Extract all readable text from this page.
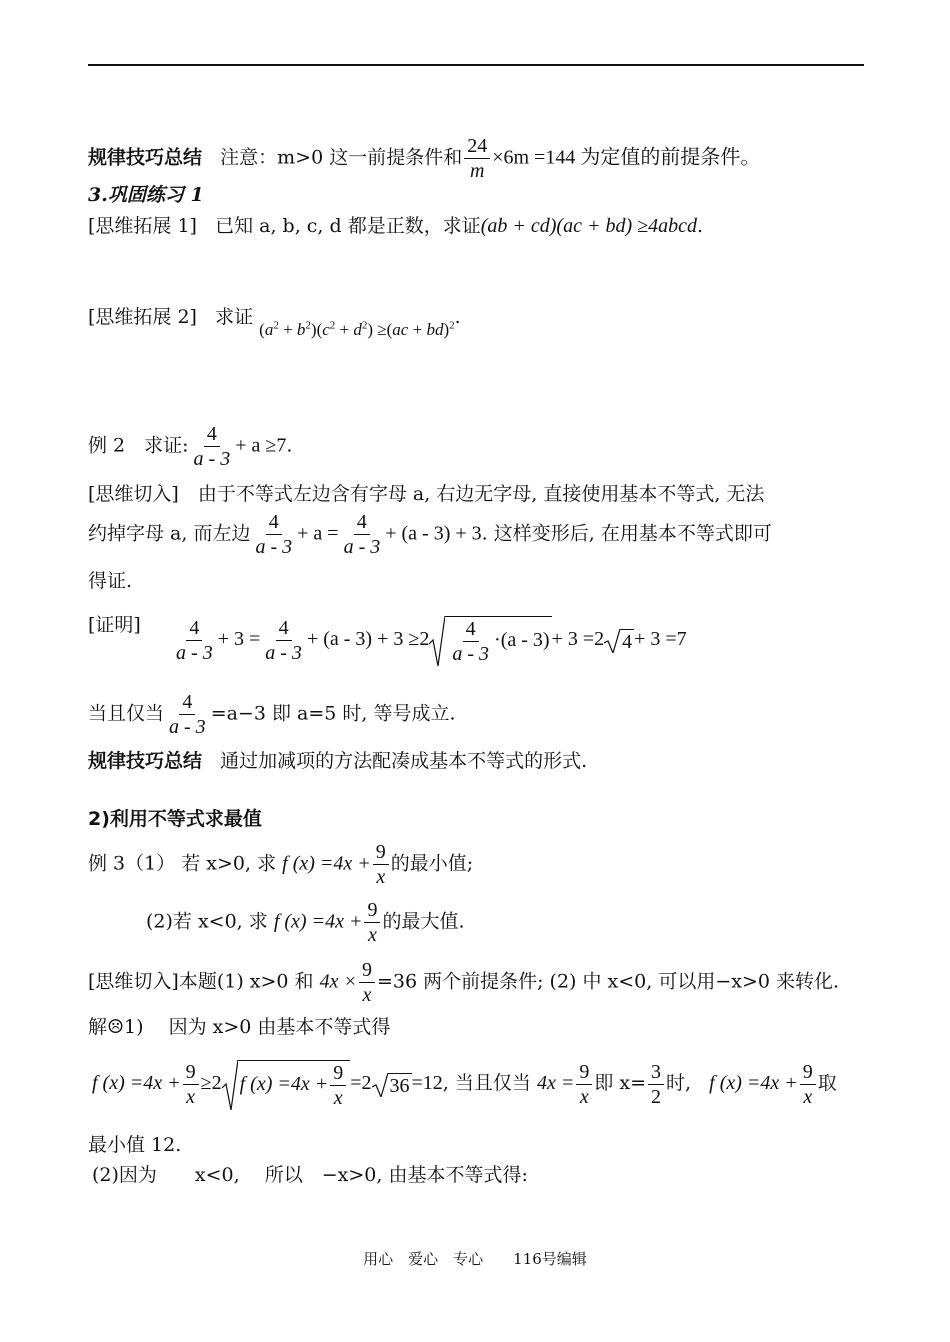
规律技巧总结 注意：m>0 这一前提条件和 $\frac{24}{m} \times 6m =144$ 为定值的前提条件。
3.巩固练习 1
[思维拓展 1] 已知 a, b, c, d 都是正数，求证(ab + cd)(ac + bd) ≥4abcd.
[思维拓展 2] 求证 $(a^2 + b^2)(c^2 + d^2) \ge(ac + bd)^2$.
例 2　求证: $\frac{4}{a - 3} + a \ge 7$.
[思维切入]　由于不等式左边含有字母 a, 右边无字母, 直接使用基本不等式, 无法
约掉字母 a, 而左边 $\frac{4}{a - 3} + a = \frac{4}{a - 3} + (a - 3) + 3$. 这样变形后, 在用基本不等式即可
得证.
[证明] $\frac{4}{a - 3} + 3 = \frac{4}{a - 3} + (a - 3) + 3 \ge 2 \frac{4}{a - 3} \cdot(a - 3) + 3 =2$ 4 + 3 =7
当且仅当 $\frac{4}{a - 3} =a-3$ 即 a=5 时, 等号成立.
规律技巧总结 通过加减项的方法配凑成基本不等式的形式.
2)利用不等式求最值
例 3（1） 若 x>0, 求 f $(x) =4x + \frac{9}{x}$ 的最小值;
(2)若 x<0, 求 f $(x) =4x + \frac{9}{x}$ 的最大值.
[思维切入]本题(1) x>0 和 $4x \times \frac{9}{x} =36$ 两个前提条件; (2) 中 x<0, 可以用−x>0 来转化.
解☹1)　 因为 x>0 由基本不等式得
f $(x) =4x + \frac{9}{x} \ge 2$ f $(x) =4x + \frac{9}{x} =2$ 36 =12, 当且仅当 $4x = \frac{9}{x}$ 即 $x= \frac{3}{2}$ 时, f $(x) =4x + \frac{9}{x}$ 取
最小值 12.
(2)因为　　x<0,　 所以　−x>0, 由基本不等式得:
用心　爱心　专心　　116号编辑
